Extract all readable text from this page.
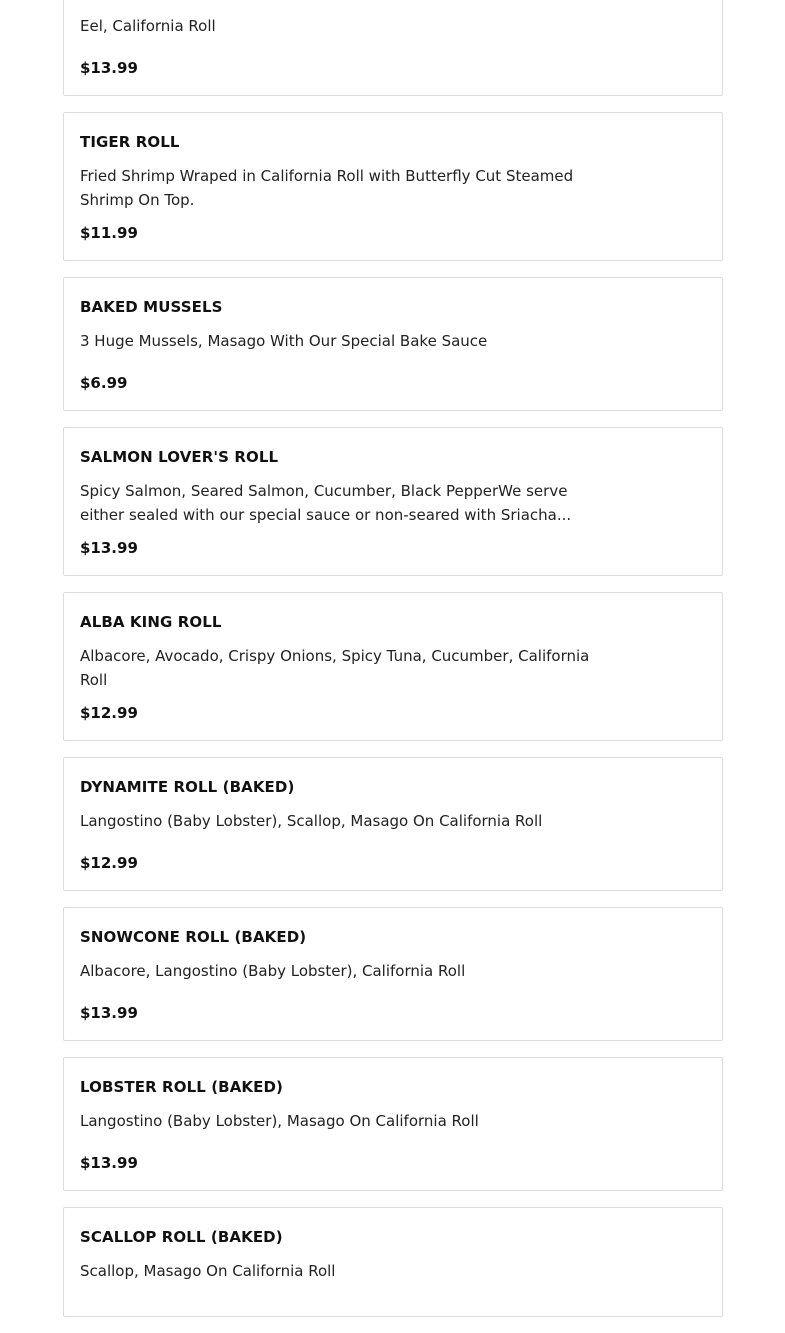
Eel, California Roll
$13.99
TIGER ROLL
Fried Shrimp Wraped in California Roll with Butterfly Cut Steamed Shrimp On Top.
$11.99
BAKED MUSSELS
3 Huge Mussels, Masago With Our Special Bake Sauce
$6.99
SALMON LOVER'S ROLL
Spicy Salmon, Seared Salmon, Cucumber, Black PepperWe serve either sealed with our special sauce or non-seared with Sriacha...
$13.99
ALBA KING ROLL
Albacore, Avocado, Crispy Onions, Spicy Tuna, Cucumber, California Roll
$12.99
DYNAMITE ROLL (BAKED)
Langostino (Baby Lobster), Scallop, Masago On California Roll
$12.99
SNOWCONE ROLL (BAKED)
Albacore, Langostino (Baby Lobster), California Roll
$13.99
LOBSTER ROLL (BAKED)
Langostino (Baby Lobster), Masago On California Roll
$13.99
SCALLOP ROLL (BAKED)
Scallop, Masago On California Roll
